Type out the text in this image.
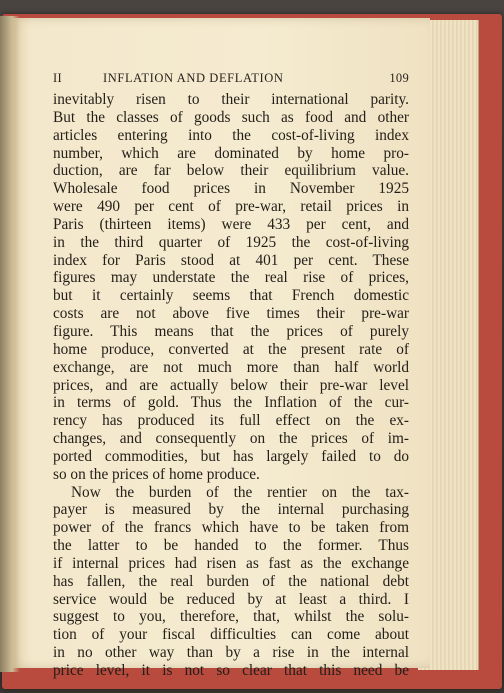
II	INFLATION AND DEFLATION	109
inevitably risen to their international parity.
But the classes of goods such as food and other
articles entering into the cost-of-living index
number, which are dominated by home pro-
duction, are far below their equilibrium value.
Wholesale food prices in November 1925
were 490 per cent of pre-war, retail prices in
Paris (thirteen items) were 433 per cent, and
in the third quarter of 1925 the cost-of-living
index for Paris stood at 401 per cent. These
figures may understate the real rise of prices,
but it certainly seems that French domestic
costs are not above five times their pre-war
figure. This means that the prices of purely
home produce, converted at the present rate of
exchange, are not much more than half world
prices, and are actually below their pre-war level
in terms of gold. Thus the Inflation of the cur-
rency has produced its full effect on the ex-
changes, and consequently on the prices of im-
ported commodities, but has largely failed to do
so on the prices of home produce.
Now the burden of the rentier on the tax-
payer is measured by the internal purchasing
power of the francs which have to be taken from
the latter to be handed to the former. Thus
if internal prices had risen as fast as the exchange
has fallen, the real burden of the national debt
service would be reduced by at least a third. I
suggest to you, therefore, that, whilst the solu-
tion of your fiscal difficulties can come about
in no other way than by a rise in the internal
price level, it is not so clear that this need be
